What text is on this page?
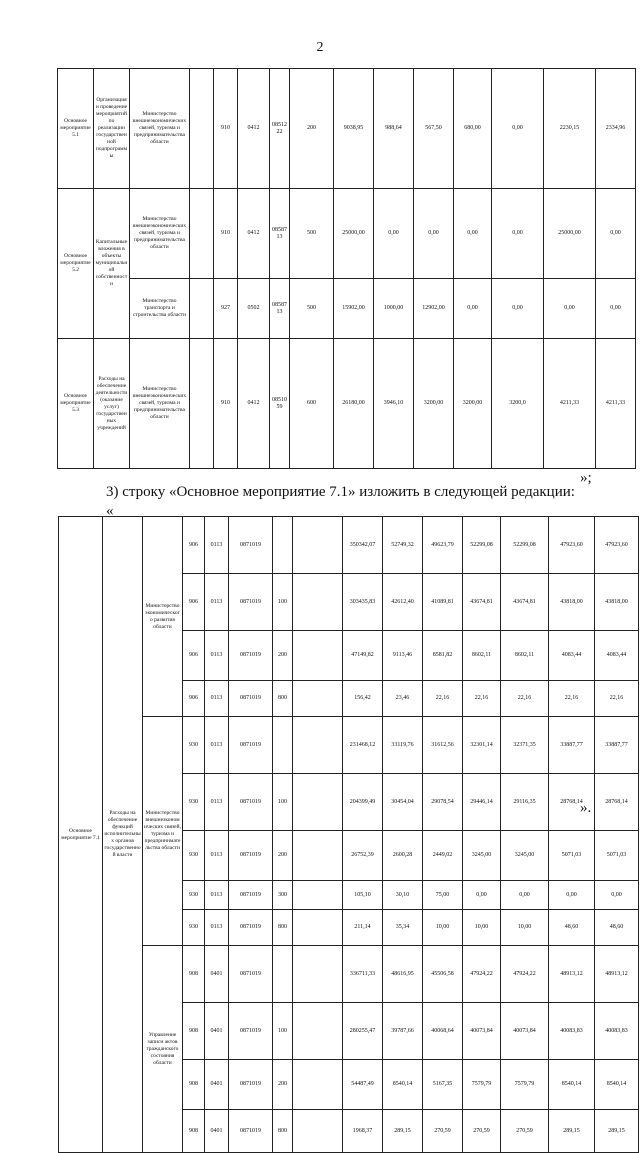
2
Основное мероприятие 5.1	Организация и проведение мероприятий по реализации государственной подпрограммы	Министерство внешнеэкономических связей, туризма и предпринимательства области		910	0412	0851222	200	9038,95	988,64	567,50	680,00	0,00	2230,15	2334,96	
Основное мероприятие 5.2	Капитальные вложения в объекты муниципальной собственности	Министерство внешнеэкономических связей, туризма и предпринимательства области		910	0412	0858713	500	25000,00	0,00	0,00	0,00	0,00	25000,00	0,00	
		Министерство транспорта и строительства области		927	0502	0858713	500	15902,00	1000,00	12902,00	0,00	0,00	0,00	0,00	
Основное мероприятие 5.3	Расходы на обеспечение деятельности (оказание услуг) государственных учреждений	Министерство внешнеэкономических связей, туризма и предпринимательства области		910	0412	0851059	600	26180,00	3946,10	3200,00	3200,00	3200,0	4211,33	4211,33	
»;
3) строку «Основное мероприятие 7.1» изложить в следующей редакции:
«
Основное мероприятие 7.1	Расходы на обеспечение функций исполнительных органов государственной власти	Министерство экономического развития области	906	0113	0871019			350342,07	52749,32	49623,79	52299,08	52299,08	47923,60	47923,60	
			906	0113	0871019	100		303435,83	42612,40	41089,81	43674,81	43674,81	43818,00	43818,00	
			906	0113	0871019	200		47149,82	9113,46	8581,82	8602,11	8602,11	4083,44	4083,44	
			906	0113	0871019	800		156,42	23,46	22,16	22,16	22,16	22,16	22,16	
		Министерство внешнеэкономических связей, туризма и предпринимательства области	930	0113	0871019			231468,12	33119,76	31612,56	32301,14	32371,35	33887,77	33887,77	
			930	0113	0871019	100		204399,49	30454,04	29078,54	29446,14	29116,35	28768,14	28768,14	
			930	0113	0871019	200		26752,39	2600,28	2449,02	3245,00	3245,00	5071,03	5071,03	
			930	0113	0871019	300		105,10	30,10	75,00	0,00	0,00	0,00	0,00	
			930	0113	0871019	800		211,14	35,34	10,00	10,00	10,00	48,60	48,60	
		Управление записи актов гражданского состояния области	908	0401	0871019			336711,33	48616,95	45506,58	47924,22	47924,22	48913,12	48913,12	
			908	0401	0871019	100		280255,47	39787,66	40068,64	40073,84	40073,84	40083,83	40083,83	
			908	0401	0871019	200		54487,49	8540,14	5167,35	7579,79	7579,79	8540,14	8540,14	
			908	0401	0871019	800		1968,37	289,15	270,59	270,59	270,59	289,15	289,15	
».
